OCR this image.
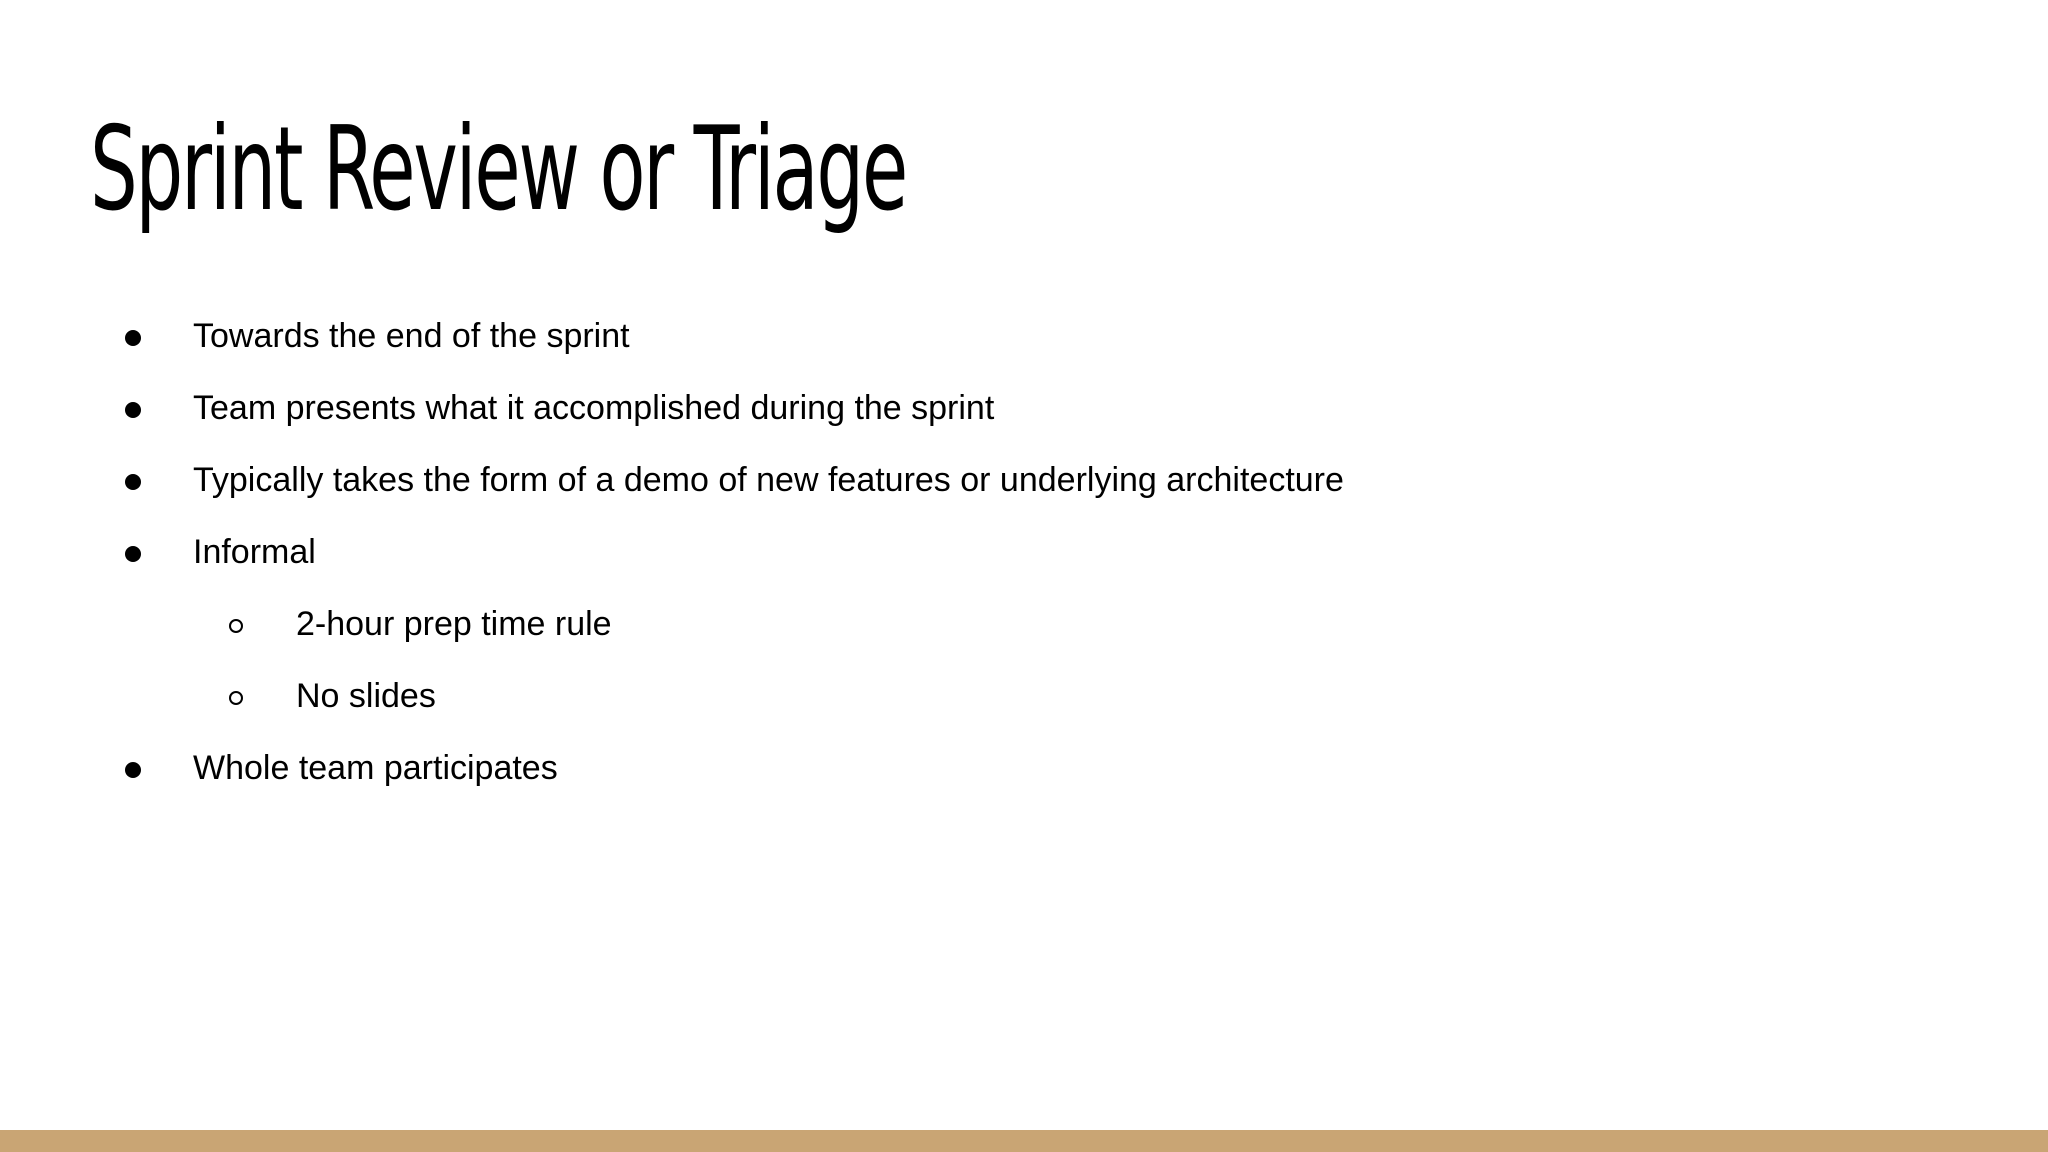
Sprint Review or Triage
Towards the end of the sprint
Team presents what it accomplished during the sprint
Typically takes the form of a demo of new features or underlying architecture
Informal
2-hour prep time rule
No slides
Whole team participates
